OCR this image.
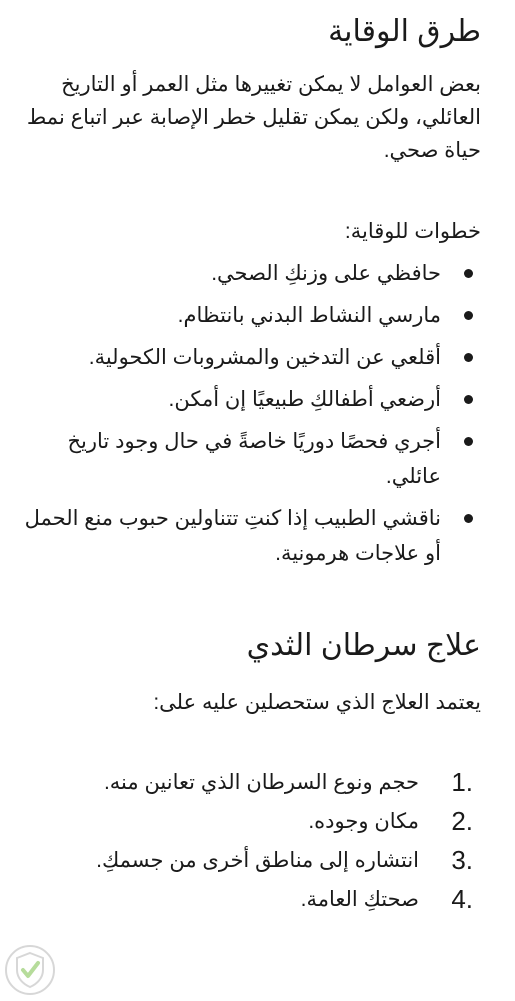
طرق الوقاية

بعض العوامل لا يمكن تغييرها مثل العمر أو التاريخ العائلي، ولكن يمكن تقليل خطر الإصابة عبر اتباع نمط حياة صحي.

خطوات للوقاية:

حافظي على وزنكِ الصحي.
مارسي النشاط البدني بانتظام.
أقلعي عن التدخين والمشروبات الكحولية.
أرضعي أطفالكِ طبيعيًا إن أمكن.
أجري فحصًا دوريًا خاصةً في حال وجود تاريخ عائلي.
ناقشي الطبيب إذا كنتِ تتناولين حبوب منع الحمل أو علاجات هرمونية.
علاج سرطان الثدي

يعتمد العلاج الذي ستحصلين عليه على:

1.
حجم ونوع السرطان الذي تعانين منه.
2.
مكان وجوده.
3.
انتشاره إلى مناطق أخرى من جسمكِ.
4.
صحتكِ العامة.
